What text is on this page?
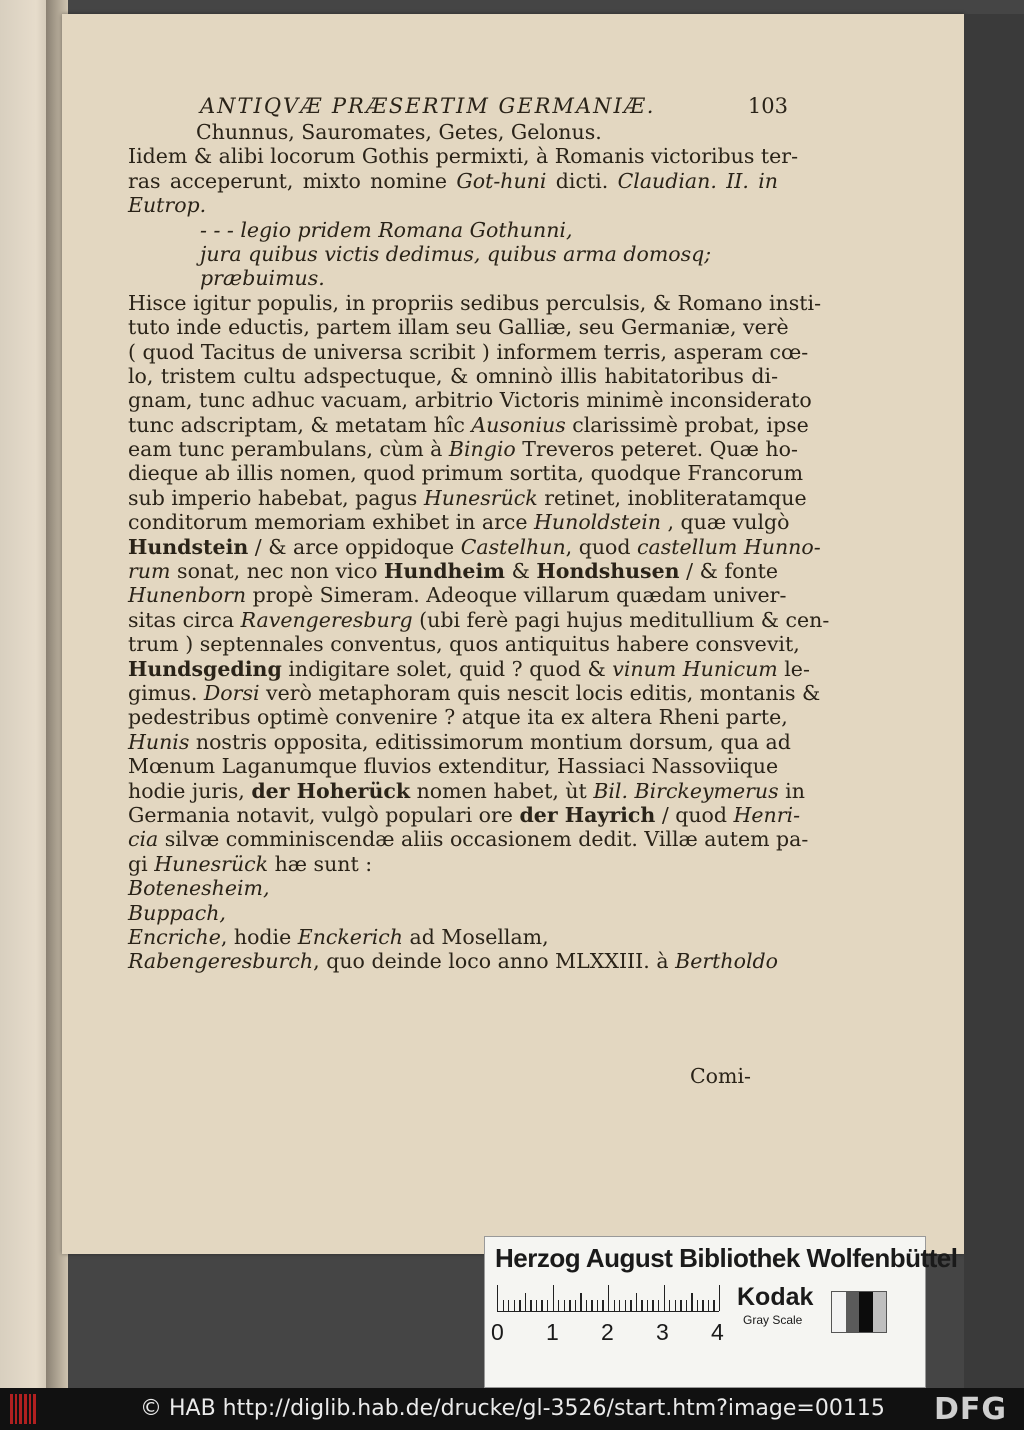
ANTIQVÆ PRÆSERTIM GERMANIÆ.	103
Chunnus, Sauromates, Getes, Gelonus.
Iidem & alibi locorum Gothis permixti, à Romanis victoribus ter-
ras acceperunt, mixto nomine Got-huni dicti. Claudian. II. in
Eutrop.
- - - legio pridem Romana Gothunni,
jura quibus victis dedimus, quibus arma domosq;
præbuimus.
Hisce igitur populis, in propriis sedibus perculsis, & Romano insti-
tuto inde eductis, partem illam seu Galliæ, seu Germaniæ, verè
( quod Tacitus de universa scribit ) informem terris, asperam cœ-
lo, tristem cultu adspectuque, & omninò illis habitatoribus di-
gnam, tunc adhuc vacuam, arbitrio Victoris minimè inconsiderato
tunc adscriptam, & metatam hîc Ausonius clarissimè probat, ipse
eam tunc perambulans, cùm à Bingio Treveros peteret. Quæ ho-
dieque ab illis nomen, quod primum sortita, quodque Francorum
sub imperio habebat, pagus Hunesrück retinet, inobliteratamque
conditorum memoriam exhibet in arce Hunoldstein , quæ vulgò
Hundstein / & arce oppidoque Castelhun, quod castellum Hunno-
rum sonat, nec non vico Hundheim & Hondshusen / & fonte
Hunenborn propè Simeram. Adeoque villarum quædam univer-
sitas circa Ravengeresburg (ubi ferè pagi hujus meditullium & cen-
trum ) septennales conventus, quos antiquitus habere consvevit,
Hundsgeding indigitare solet, quid ? quod & vinum Hunicum le-
gimus. Dorsi verò metaphoram quis nescit locis editis, montanis &
pedestribus optimè convenire ? atque ita ex altera Rheni parte,
Hunis nostris opposita, editissimorum montium dorsum, qua ad
Mœnum Laganumque fluvios extenditur, Hassiaci Nassoviique
hodie juris, der Hoherück nomen habet, ùt Bil. Birckeymerus in
Germania notavit, vulgò populari ore der Hayrich / quod Henri-
cia silvæ comminiscendæ aliis occasionem dedit. Villæ autem pa-
gi Hunesrück hæ sunt :
Botenesheim,
Buppach,
Encriche, hodie Enckerich ad Mosellam,
Rabengeresburch, quo deinde loco anno MLXXIII. à Bertholdo
Comi-
Herzog August Bibliothek Wolfenbüttel
0 1 2 3 4
Kodak
Gray Scale
© HAB http://diglib.hab.de/drucke/gl-3526/start.htm?image=00115 DFG
